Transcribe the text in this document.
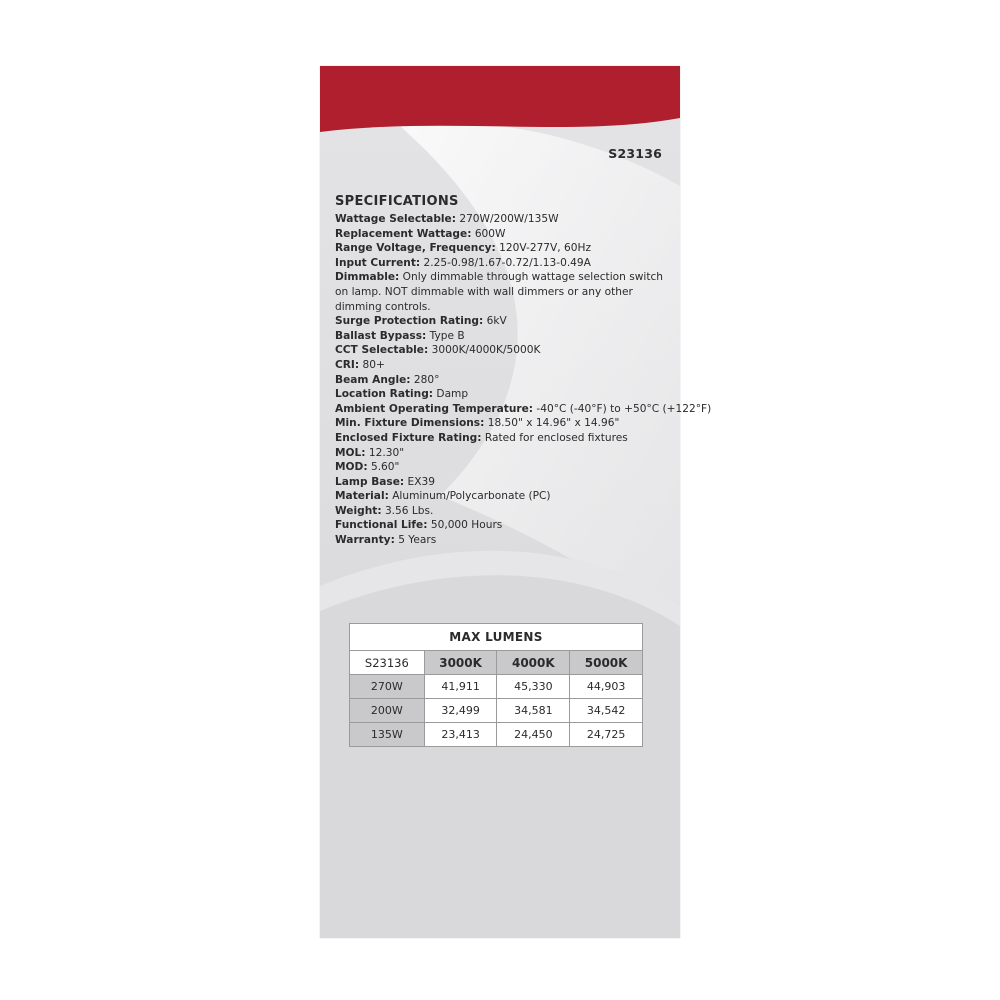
S23136
SPECIFICATIONS
Wattage Selectable: 270W/200W/135W
Replacement Wattage: 600W
Range Voltage, Frequency: 120V-277V, 60Hz
Input Current: 2.25-0.98/1.67-0.72/1.13-0.49A
Dimmable: Only dimmable through wattage selection switch on lamp. NOT dimmable with wall dimmers or any other dimming controls.
Surge Protection Rating: 6kV
Ballast Bypass: Type B
CCT Selectable: 3000K/4000K/5000K
CRI: 80+
Beam Angle: 280°
Location Rating: Damp
Ambient Operating Temperature: -40°C (-40°F) to +50°C (+122°F)
Min. Fixture Dimensions: 18.50" x 14.96" x 14.96"
Enclosed Fixture Rating: Rated for enclosed fixtures
MOL: 12.30"
MOD: 5.60"
Lamp Base: EX39
Material: Aluminum/Polycarbonate (PC)
Weight: 3.56 Lbs.
Functional Life: 50,000 Hours
Warranty: 5 Years
MAX LUMENS			
S23136	3000K	4000K	5000K
270W	41,911	45,330	44,903
200W	32,499	34,581	34,542
135W	23,413	24,450	24,725
